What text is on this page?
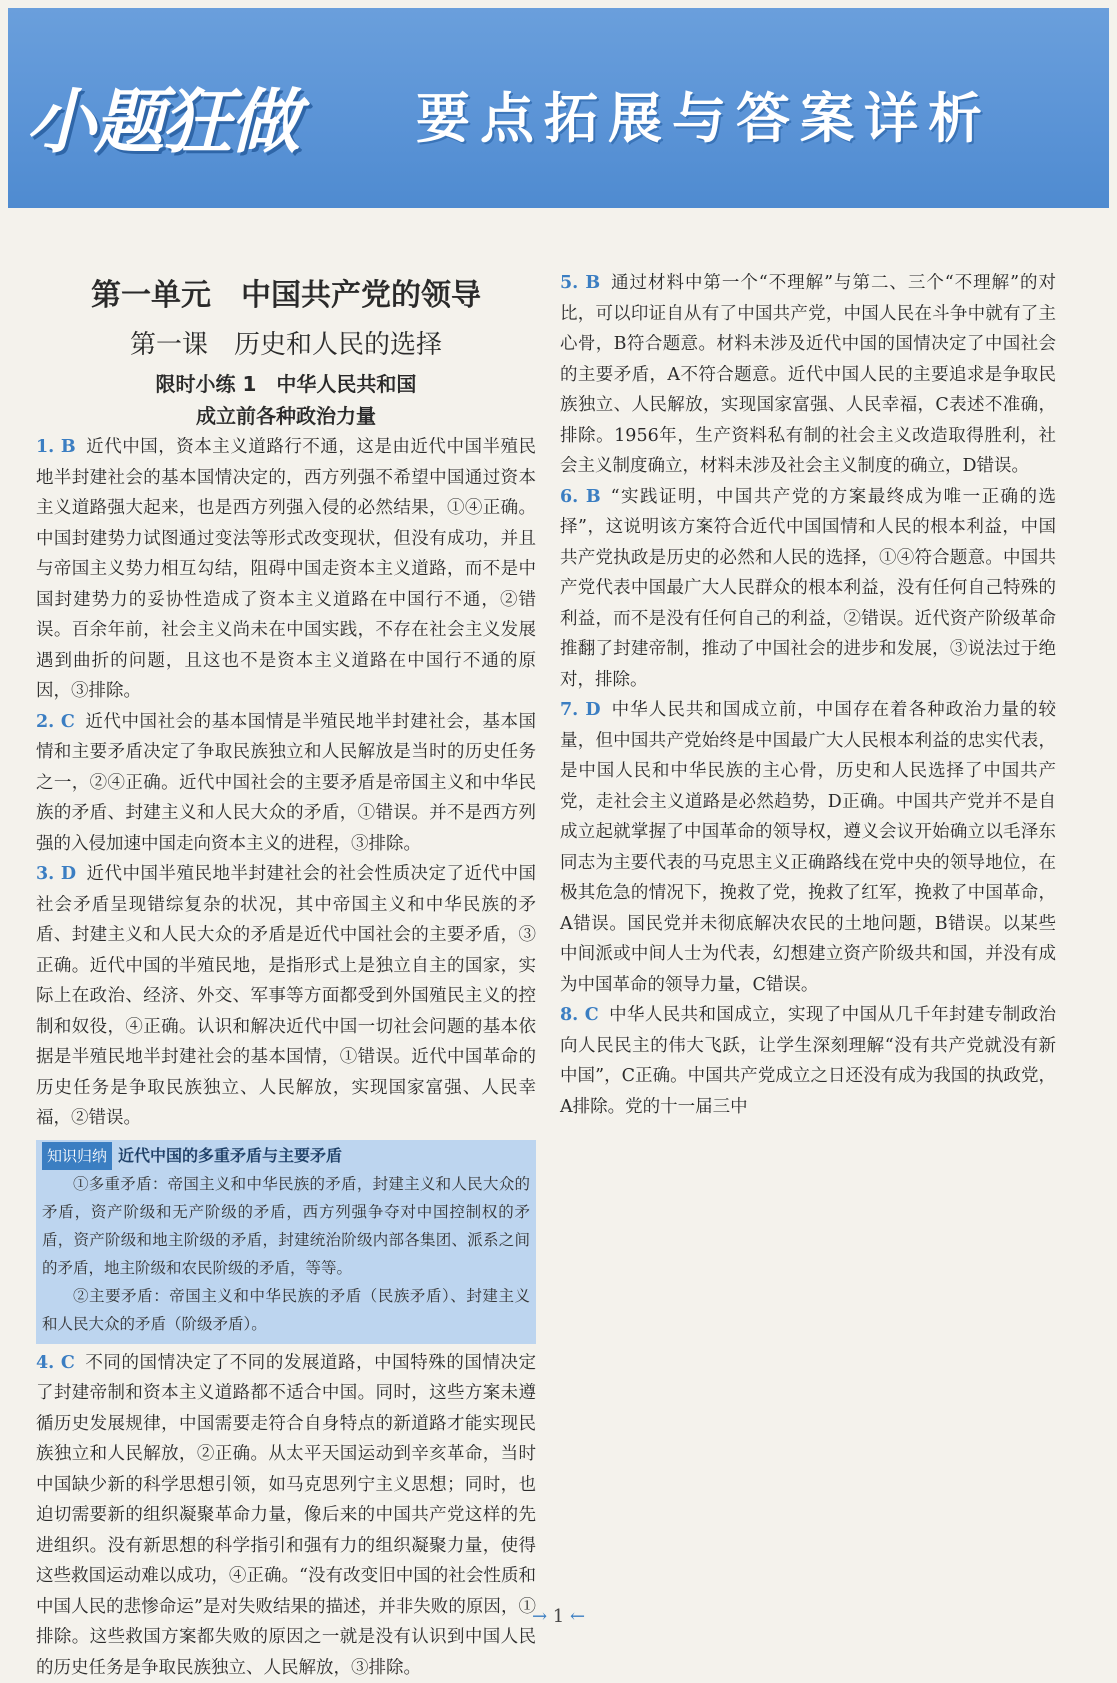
小题狂做 要点拓展与答案详析
第一单元　中国共产党的领导
第一课　历史和人民的选择
限时小练 1　中华人民共和国
成立前各种政治力量

1. B 近代中国，资本主义道路行不通，这是由近代中国半殖民地半封建社会的基本国情决定的，西方列强不希望中国通过资本主义道路强大起来，也是西方列强入侵的必然结果，①④正确。中国封建势力试图通过变法等形式改变现状，但没有成功，并且与帝国主义势力相互勾结，阻碍中国走资本主义道路，而不是中国封建势力的妥协性造成了资本主义道路在中国行不通，②错误。百余年前，社会主义尚未在中国实践，不存在社会主义发展遇到曲折的问题，且这也不是资本主义道路在中国行不通的原因，③排除。

2. C 近代中国社会的基本国情是半殖民地半封建社会，基本国情和主要矛盾决定了争取民族独立和人民解放是当时的历史任务之一，②④正确。近代中国社会的主要矛盾是帝国主义和中华民族的矛盾、封建主义和人民大众的矛盾，①错误。并不是西方列强的入侵加速中国走向资本主义的进程，③排除。

3. D 近代中国半殖民地半封建社会的社会性质决定了近代中国社会矛盾呈现错综复杂的状况，其中帝国主义和中华民族的矛盾、封建主义和人民大众的矛盾是近代中国社会的主要矛盾，③正确。近代中国的半殖民地，是指形式上是独立自主的国家，实际上在政治、经济、外交、军事等方面都受到外国殖民主义的控制和奴役，④正确。认识和解决近代中国一切社会问题的基本依据是半殖民地半封建社会的基本国情，①错误。近代中国革命的历史任务是争取民族独立、人民解放，实现国家富强、人民幸福，②错误。

知识归纳 近代中国的多重矛盾与主要矛盾

①多重矛盾：帝国主义和中华民族的矛盾，封建主义和人民大众的矛盾，资产阶级和无产阶级的矛盾，西方列强争夺对中国控制权的矛盾，资产阶级和地主阶级的矛盾，封建统治阶级内部各集团、派系之间的矛盾，地主阶级和农民阶级的矛盾，等等。

②主要矛盾：帝国主义和中华民族的矛盾（民族矛盾）、封建主义和人民大众的矛盾（阶级矛盾）。

4. C 不同的国情决定了不同的发展道路，中国特殊的国情决定了封建帝制和资本主义道路都不适合中国。同时，这些方案未遵循历史发展规律，中国需要走符合自身特点的新道路才能实现民族独立和人民解放，②正确。从太平天国运动到辛亥革命，当时中国缺少新的科学思想引领，如马克思列宁主义思想；同时，也迫切需要新的组织凝聚革命力量，像后来的中国共产党这样的先进组织。没有新思想的科学指引和强有力的组织凝聚力量，使得这些救国运动难以成功，④正确。“没有改变旧中国的社会性质和中国人民的悲惨命运”是对失败结果的描述，并非失败的原因，①排除。这些救国方案都失败的原因之一就是没有认识到中国人民的历史任务是争取民族独立、人民解放，③排除。

5. B 通过材料中第一个“不理解”与第二、三个“不理解”的对比，可以印证自从有了中国共产党，中国人民在斗争中就有了主心骨，B符合题意。材料未涉及近代中国的国情决定了中国社会的主要矛盾，A不符合题意。近代中国人民的主要追求是争取民族独立、人民解放，实现国家富强、人民幸福，C表述不准确，排除。1956年，生产资料私有制的社会主义改造取得胜利，社会主义制度确立，材料未涉及社会主义制度的确立，D错误。

6. B “实践证明，中国共产党的方案最终成为唯一正确的选择”，这说明该方案符合近代中国国情和人民的根本利益，中国共产党执政是历史的必然和人民的选择，①④符合题意。中国共产党代表中国最广大人民群众的根本利益，没有任何自己特殊的利益，而不是没有任何自己的利益，②错误。近代资产阶级革命推翻了封建帝制，推动了中国社会的进步和发展，③说法过于绝对，排除。

7. D 中华人民共和国成立前，中国存在着各种政治力量的较量，但中国共产党始终是中国最广大人民根本利益的忠实代表，是中国人民和中华民族的主心骨，历史和人民选择了中国共产党，走社会主义道路是必然趋势，D正确。中国共产党并不是自成立起就掌握了中国革命的领导权，遵义会议开始确立以毛泽东同志为主要代表的马克思主义正确路线在党中央的领导地位，在极其危急的情况下，挽救了党，挽救了红军，挽救了中国革命，A错误。国民党并未彻底解决农民的土地问题，B错误。以某些中间派或中间人士为代表，幻想建立资产阶级共和国，并没有成为中国革命的领导力量，C错误。

8. C 中华人民共和国成立，实现了中国从几千年封建专制政治向人民民主的伟大飞跃，让学生深刻理解“没有共产党就没有新中国”，C正确。中国共产党成立之日还没有成为我国的执政党，A排除。党的十一届三中

→ 1 ←
